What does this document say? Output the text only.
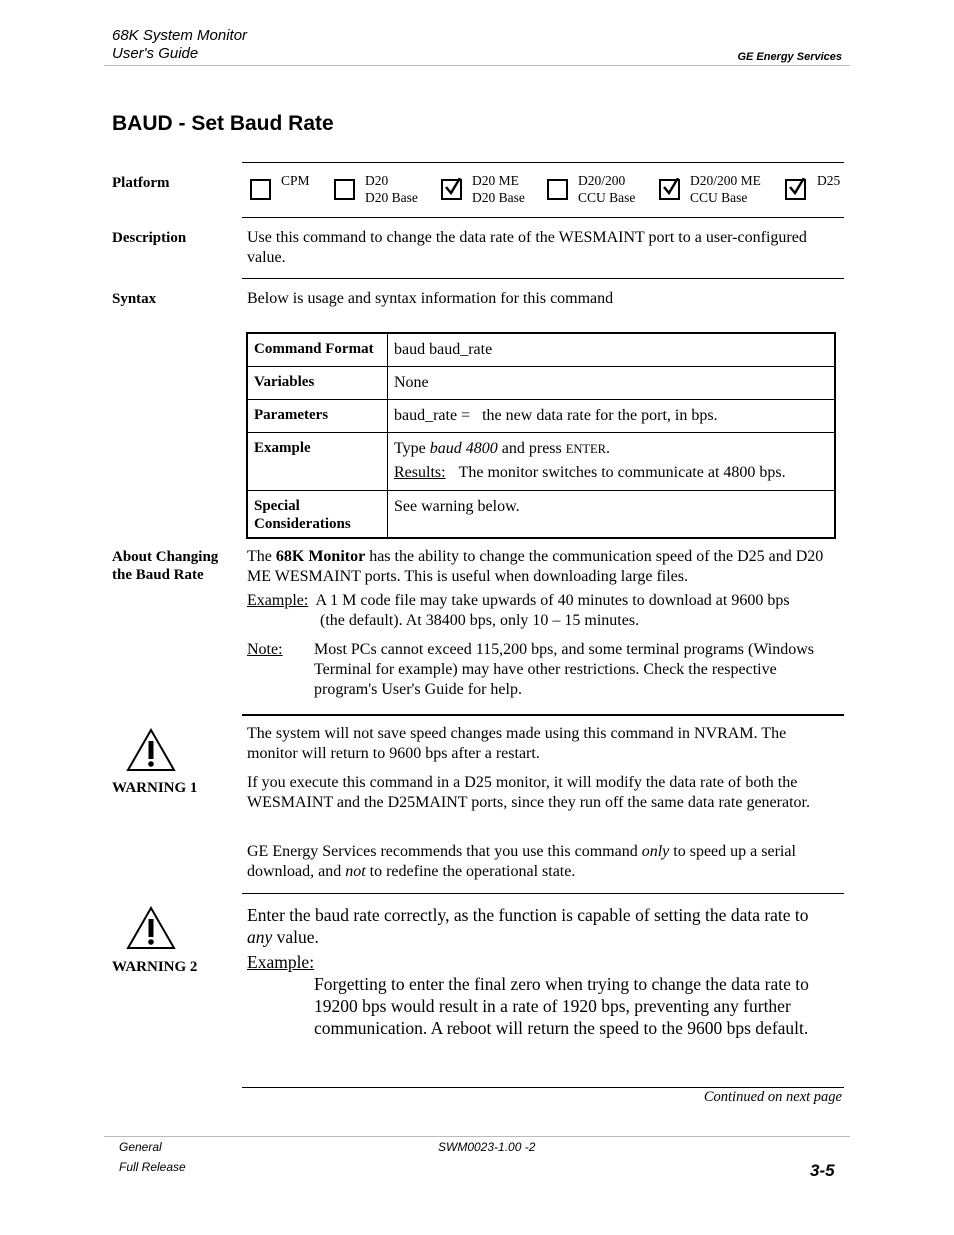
68K System Monitor
User's Guide	GE Energy Services
BAUD - Set Baud Rate
Platform	CPM	D20
D20 Base
D20 ME
D20 Base
D20/200
CCU Base
D20/200 ME
CCU Base
D25
Description	Use this command to change the data rate of the WESMAINT port to a user-configured value.
Syntax	Below is usage and syntax information for this command
Command Format	baud baud_rate
Variables	None
Parameters	baud_rate = the new data rate for the port, in bps.
Example	Type baud 4800 and press ENTER.
Results: The monitor switches to communicate at 4800 bps.

Special
Considerations	See warning below.
About Changing
the Baud Rate
The 68K Monitor has the ability to change the communication speed of the D25 and D20 ME WESMAINT ports. This is useful when downloading large files.
Example: A 1 M code file may take upwards of 40 minutes to download at 9600 bps
(the default). At 38400 bps, only 10 – 15 minutes.
Note: Most PCs cannot exceed 115,200 bps, and some terminal programs (Windows Terminal for example) may have other restrictions. Check the respective program's User's Guide for help.
WARNING 1
The system will not save speed changes made using this command in NVRAM. The monitor will return to 9600 bps after a restart.
If you execute this command in a D25 monitor, it will modify the data rate of both the WESMAINT and the D25MAINT ports, since they run off the same data rate generator.
GE Energy Services recommends that you use this command only to speed up a serial download, and not to redefine the operational state.
WARNING 2
Enter the baud rate correctly, as the function is capable of setting the data rate to any value.
Example:
Forgetting to enter the final zero when trying to change the data rate to 19200 bps would result in a rate of 1920 bps, preventing any further communication. A reboot will return the speed to the 9600 bps default.
Continued on next page
General
Full Release
SWM0023-1.00 -2
3-5
